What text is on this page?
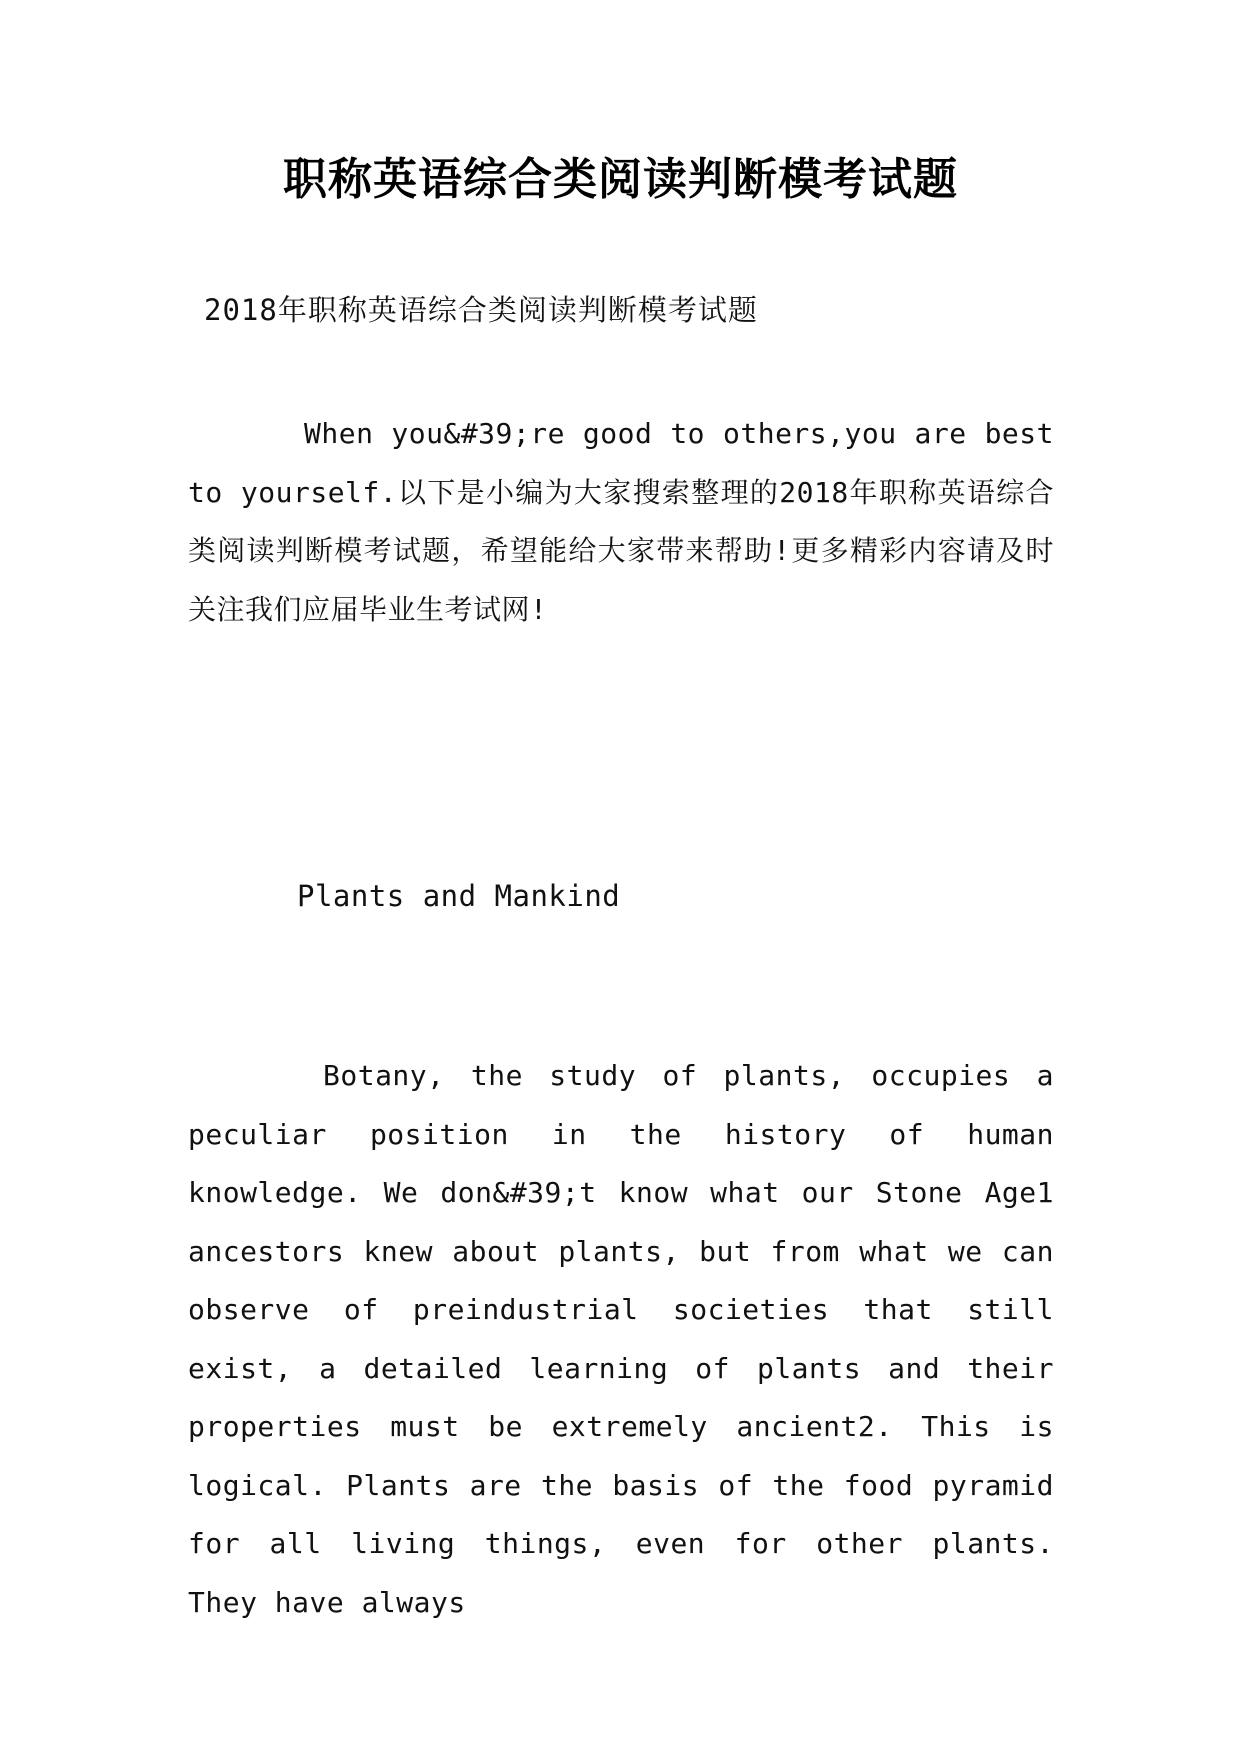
职称英语综合类阅读判断模考试题
2018年职称英语综合类阅读判断模考试题
When you&#39;re good to others,you are best to yourself.以下是小编为大家搜索整理的2018年职称英语综合类阅读判断模考试题，希望能给大家带来帮助!更多精彩内容请及时关注我们应届毕业生考试网!
Plants and Mankind
Botany, the study of plants, occupies a peculiar position in the history of human knowledge. We don&#39;t know what our Stone Age1 ancestors knew about plants, but from what we can observe of preindustrial societies that still exist, a detailed learning of plants and their properties must be extremely ancient2. This is logical. Plants are the basis of the food pyramid for all living things, even for other plants. They have always
